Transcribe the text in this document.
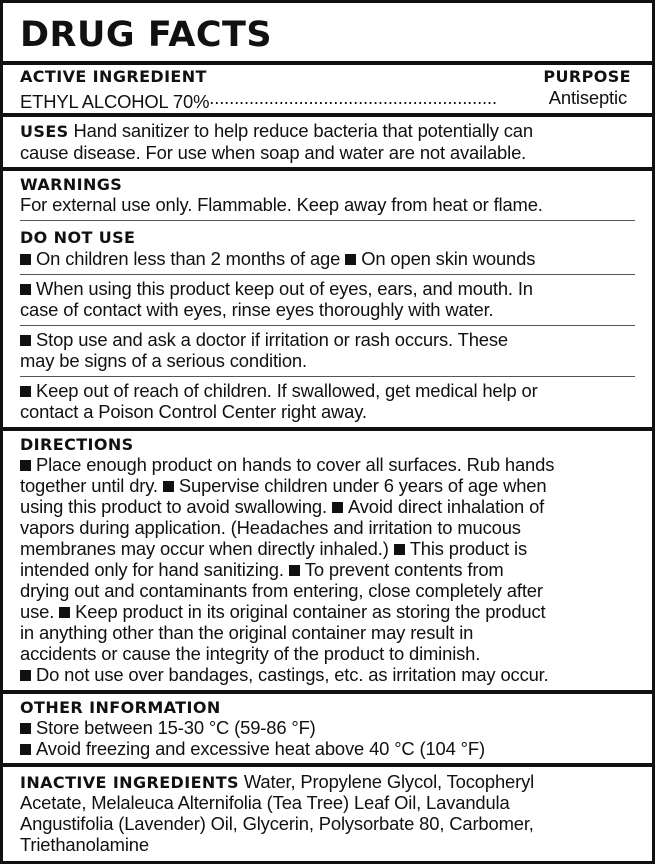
DRUG FACTS
ACTIVE INGREDIENT	PURPOSE
ETHYL ALCOHOL 70%..........................................................	Antiseptic
USES Hand sanitizer to help reduce bacteria that potentially can
cause disease. For use when soap and water are not available.
WARNINGS
For external use only. Flammable. Keep away from heat or flame.
DO NOT USE
On children less than 2 months of age On open skin wounds
When using this product keep out of eyes, ears, and mouth. In
case of contact with eyes, rinse eyes thoroughly with water.
Stop use and ask a doctor if irritation or rash occurs. These
may be signs of a serious condition.
Keep out of reach of children. If swallowed, get medical help or
contact a Poison Control Center right away.
DIRECTIONS
Place enough product on hands to cover all surfaces. Rub hands
together until dry. Supervise children under 6 years of age when
using this product to avoid swallowing. Avoid direct inhalation of
vapors during application. (Headaches and irritation to mucous
membranes may occur when directly inhaled.) This product is
intended only for hand sanitizing. To prevent contents from
drying out and contaminants from entering, close completely after
use. Keep product in its original container as storing the product
in anything other than the original container may result in
accidents or cause the integrity of the product to diminish.
Do not use over bandages, castings, etc. as irritation may occur.
OTHER INFORMATION
Store between 15-30 °C (59-86 °F)
Avoid freezing and excessive heat above 40 °C (104 °F)
INACTIVE INGREDIENTS Water, Propylene Glycol, Tocopheryl
Acetate, Melaleuca Alternifolia (Tea Tree) Leaf Oil, Lavandula
Angustifolia (Lavender) Oil, Glycerin, Polysorbate 80, Carbomer,
Triethanolamine
